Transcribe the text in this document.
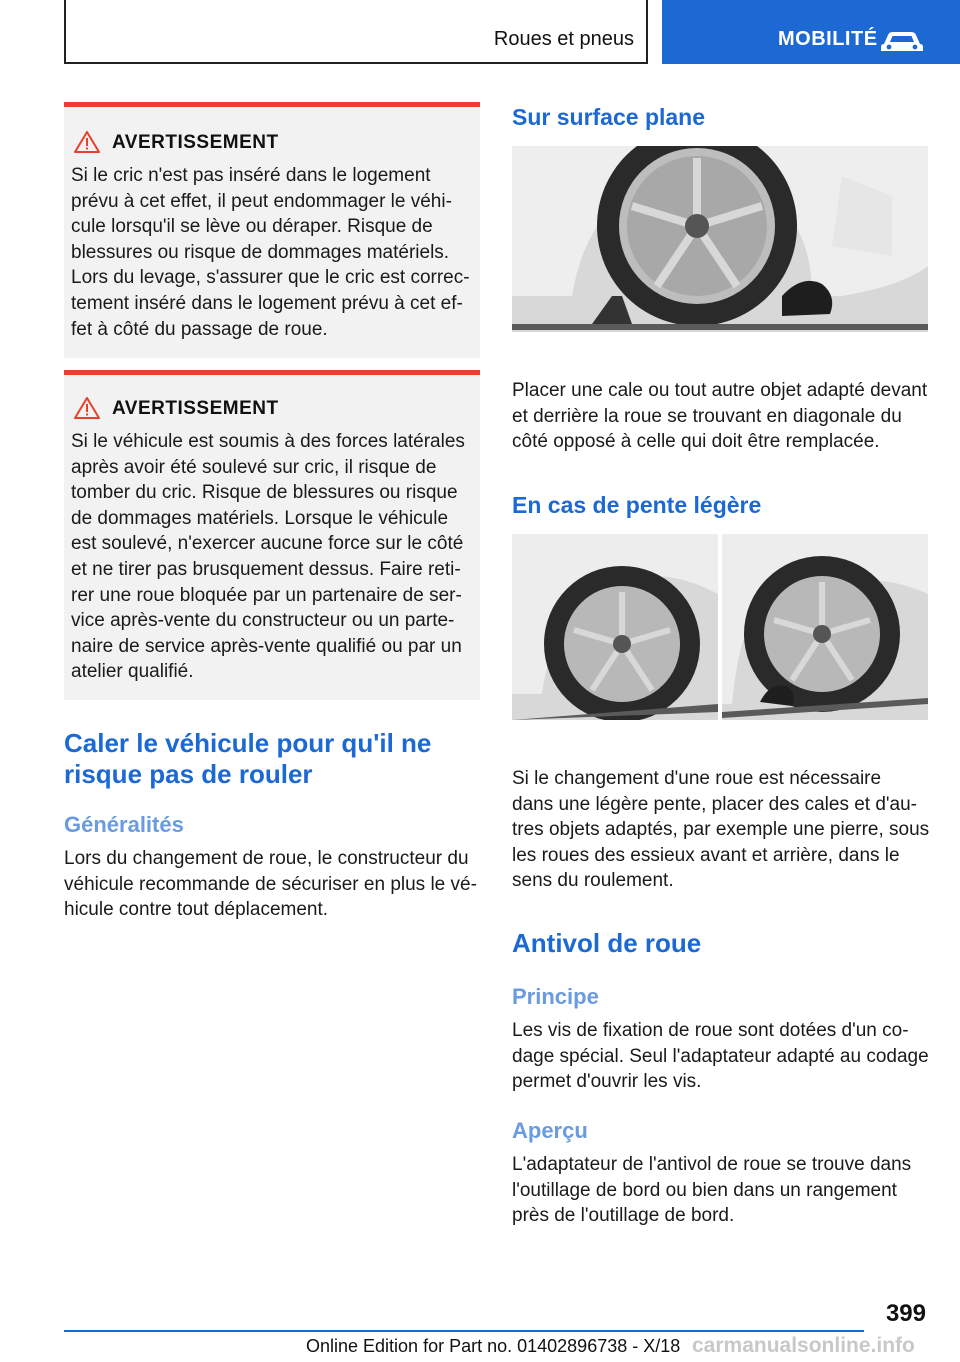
Roues et pneus	MOBILITÉ
AVERTISSEMENT
Si le cric n'est pas inséré dans le logement
prévu à cet effet, il peut endommager le véhi-
cule lorsqu'il se lève ou déraper. Risque de
blessures ou risque de dommages matériels.
Lors du levage, s'assurer que le cric est correc-
tement inséré dans le logement prévu à cet ef-
fet à côté du passage de roue.
AVERTISSEMENT
Si le véhicule est soumis à des forces latérales
après avoir été soulevé sur cric, il risque de
tomber du cric. Risque de blessures ou risque
de dommages matériels. Lorsque le véhicule
est soulevé, n'exercer aucune force sur le côté
et ne tirer pas brusquement dessus. Faire reti-
rer une roue bloquée par un partenaire de ser-
vice après-vente du constructeur ou un parte-
naire de service après-vente qualifié ou par un
atelier qualifié.
Caler le véhicule pour qu'il ne
risque pas de rouler
Généralités
Lors du changement de roue, le constructeur du
véhicule recommande de sécuriser en plus le vé-
hicule contre tout déplacement.
Sur surface plane
Placer une cale ou tout autre objet adapté devant
et derrière la roue se trouvant en diagonale du
côté opposé à celle qui doit être remplacée.
En cas de pente légère
Si le changement d'une roue est nécessaire
dans une légère pente, placer des cales et d'au-
tres objets adaptés, par exemple une pierre, sous
les roues des essieux avant et arrière, dans le
sens du roulement.
Antivol de roue
Principe
Les vis de fixation de roue sont dotées d'un co-
dage spécial. Seul l'adaptateur adapté au codage
permet d'ouvrir les vis.
Aperçu
L'adaptateur de l'antivol de roue se trouve dans
l'outillage de bord ou bien dans un rangement
près de l'outillage de bord.
399
Online Edition for Part no. 01402896738 - X/18 carmanualsonline.info
